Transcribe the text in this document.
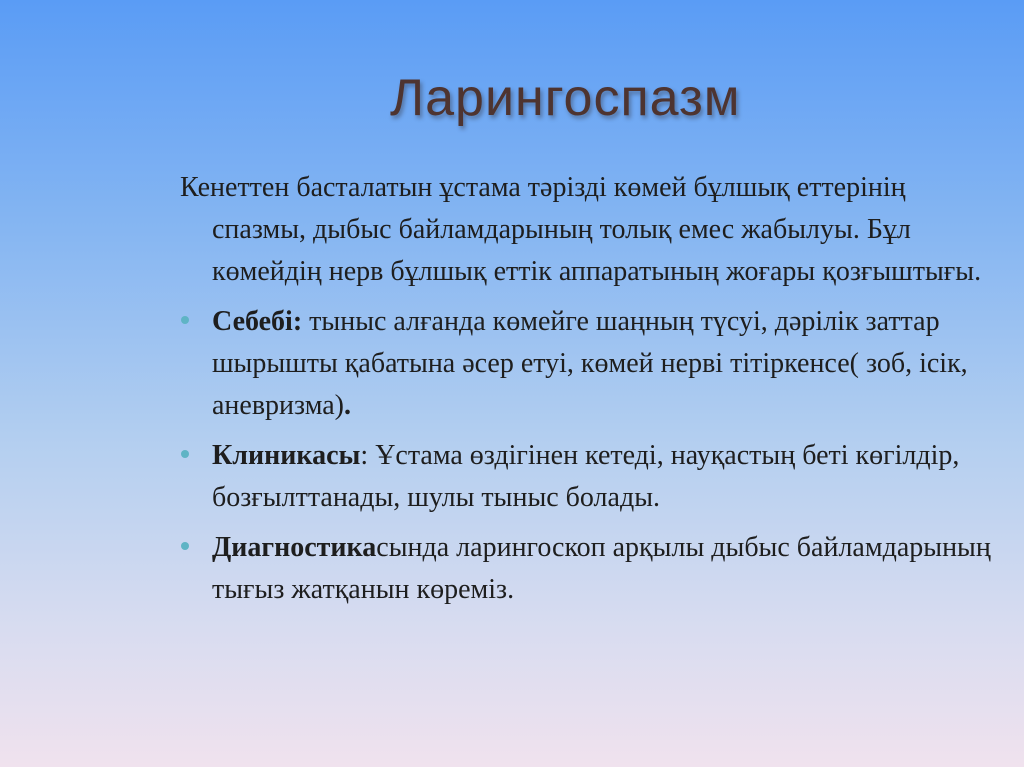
Ларингоспазм

Кенеттен басталатын ұстама тәрізді көмей бұлшық еттерінің спазмы, дыбыс байламдарының толық емес жабылуы. Бұл көмейдің нерв бұлшық еттік аппаратының жоғары қозғыштығы.

Себебі: тыныс алғанда көмейге шаңның түсуі, дәрілік заттар шырышты қабатына әсер етуі, көмей нерві тітіркенсе( зоб, ісік, аневризма).

Клиникасы: Ұстама өздігінен кетеді, науқастың беті көгілдір, бозғылттанады, шулы тыныс болады.

Диагностикасында ларингоскоп арқылы дыбыс байламдарының тығыз жатқанын көреміз.
